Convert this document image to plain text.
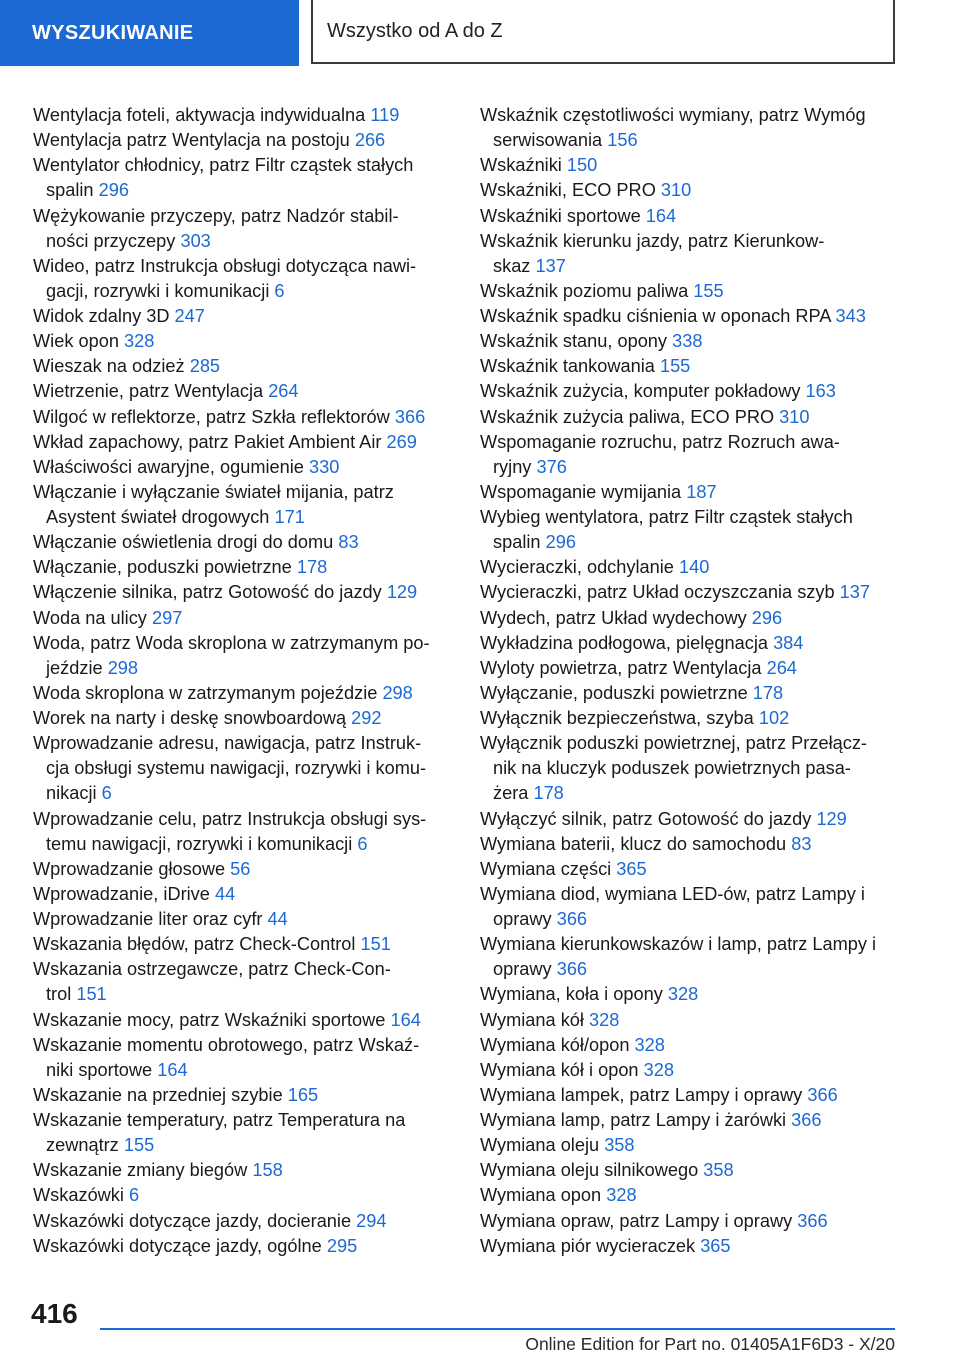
WYSZUKIWANIE	Wszystko od A do Z
Wentylacja foteli, aktywacja indywidualna 119
Wentylacja patrz Wentylacja na postoju 266
Wentylator chłodnicy, patrz Filtr cząstek stałych
spalin 296
Wężykowanie przyczepy, patrz Nadzór stabil-
ności przyczepy 303
Wideo, patrz Instrukcja obsługi dotycząca nawi-
gacji, rozrywki i komunikacji 6
Widok zdalny 3D 247
Wiek opon 328
Wieszak na odzież 285
Wietrzenie, patrz Wentylacja 264
Wilgoć w reflektorze, patrz Szkła reflektorów 366
Wkład zapachowy, patrz Pakiet Ambient Air 269
Właściwości awaryjne, ogumienie 330
Włączanie i wyłączanie świateł mijania, patrz
Asystent świateł drogowych 171
Włączanie oświetlenia drogi do domu 83
Włączanie, poduszki powietrzne 178
Włączenie silnika, patrz Gotowość do jazdy 129
Woda na ulicy 297
Woda, patrz Woda skroplona w zatrzymanym po-
jeździe 298
Woda skroplona w zatrzymanym pojeździe 298
Worek na narty i deskę snowboardową 292
Wprowadzanie adresu, nawigacja, patrz Instruk-
cja obsługi systemu nawigacji, rozrywki i komu-
nikacji 6
Wprowadzanie celu, patrz Instrukcja obsługi sys-
temu nawigacji, rozrywki i komunikacji 6
Wprowadzanie głosowe 56
Wprowadzanie, iDrive 44
Wprowadzanie liter oraz cyfr 44
Wskazania błędów, patrz Check-Control 151
Wskazania ostrzegawcze, patrz Check-Con-
trol 151
Wskazanie mocy, patrz Wskaźniki sportowe 164
Wskazanie momentu obrotowego, patrz Wskaź-
niki sportowe 164
Wskazanie na przedniej szybie 165
Wskazanie temperatury, patrz Temperatura na
zewnątrz 155
Wskazanie zmiany biegów 158
Wskazówki 6
Wskazówki dotyczące jazdy, docieranie 294
Wskazówki dotyczące jazdy, ogólne 295
Wskaźnik częstotliwości wymiany, patrz Wymóg
serwisowania 156
Wskaźniki 150
Wskaźniki, ECO PRO 310
Wskaźniki sportowe 164
Wskaźnik kierunku jazdy, patrz Kierunkow-
skaz 137
Wskaźnik poziomu paliwa 155
Wskaźnik spadku ciśnienia w oponach RPA 343
Wskaźnik stanu, opony 338
Wskaźnik tankowania 155
Wskaźnik zużycia, komputer pokładowy 163
Wskaźnik zużycia paliwa, ECO PRO 310
Wspomaganie rozruchu, patrz Rozruch awa-
ryjny 376
Wspomaganie wymijania 187
Wybieg wentylatora, patrz Filtr cząstek stałych
spalin 296
Wycieraczki, odchylanie 140
Wycieraczki, patrz Układ oczyszczania szyb 137
Wydech, patrz Układ wydechowy 296
Wykładzina podłogowa, pielęgnacja 384
Wyloty powietrza, patrz Wentylacja 264
Wyłączanie, poduszki powietrzne 178
Wyłącznik bezpieczeństwa, szyba 102
Wyłącznik poduszki powietrznej, patrz Przełącz-
nik na kluczyk poduszek powietrznych pasa-
żera 178
Wyłączyć silnik, patrz Gotowość do jazdy 129
Wymiana baterii, klucz do samochodu 83
Wymiana części 365
Wymiana diod, wymiana LED-ów, patrz Lampy i
oprawy 366
Wymiana kierunkowskazów i lamp, patrz Lampy i
oprawy 366
Wymiana, koła i opony 328
Wymiana kół 328
Wymiana kół/opon 328
Wymiana kół i opon 328
Wymiana lampek, patrz Lampy i oprawy 366
Wymiana lamp, patrz Lampy i żarówki 366
Wymiana oleju 358
Wymiana oleju silnikowego 358
Wymiana opon 328
Wymiana opraw, patrz Lampy i oprawy 366
Wymiana piór wycieraczek 365
416
Online Edition for Part no. 01405A1F6D3 - X/20
